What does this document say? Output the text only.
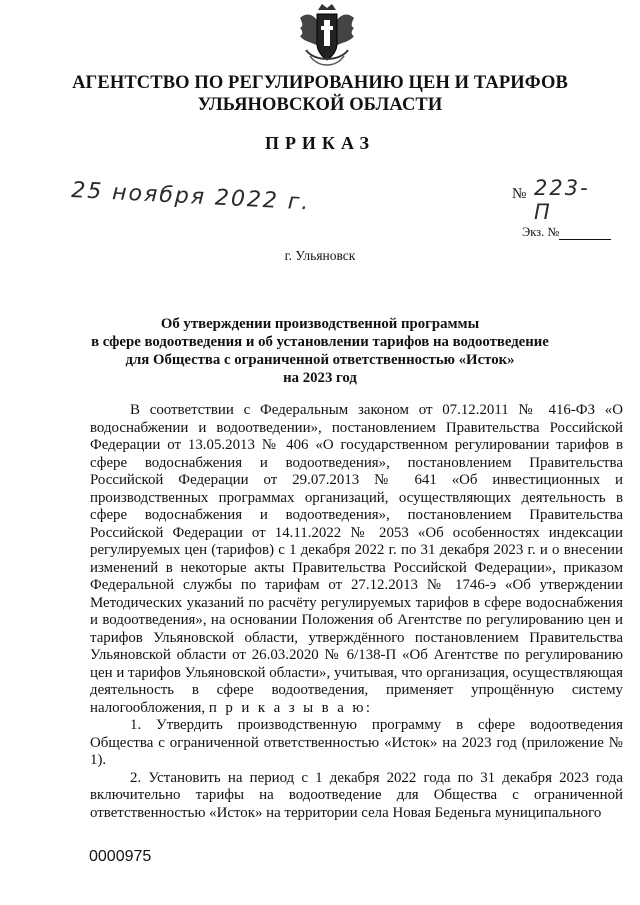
АГЕНТСТВО ПО РЕГУЛИРОВАНИЮ ЦЕН И ТАРИФОВ
УЛЬЯНОВСКОЙ ОБЛАСТИ
ПРИКАЗ
25 ноября 2022 г.	№ 223-П
Экз. №
г. Ульяновск
Об утверждении производственной программы
в сфере водоотведения и об установлении тарифов на водоотведение
для Общества с ограниченной ответственностью «Исток»
на 2023 год

В соответствии с Федеральным законом от 07.12.2011 № 416-ФЗ «О водоснабжении и водоотведении», постановлением Правительства Российской Федерации от 13.05.2013 № 406 «О государственном регулировании тарифов в сфере водоснабжения и водоотведения», постановлением Правительства Российской Федерации от 29.07.2013 № 641 «Об инвестиционных и производственных программах организаций, осуществляющих деятельность в сфере водоснабжения и водоотведения», постановлением Правительства Российской Федерации от 14.11.2022 № 2053 «Об особенностях индексации регулируемых цен (тарифов) с 1 декабря 2022 г. по 31 декабря 2023 г. и о внесении изменений в некоторые акты Правительства Российской Федерации», приказом Федеральной службы по тарифам от 27.12.2013 № 1746-э «Об утверждении Методических указаний по расчёту регулируемых тарифов в сфере водоснабжения и водоотведения», на основании Положения об Агентстве по регулированию цен и тарифов Ульяновской области, утверждённого постановлением Правительства Ульяновской области от 26.03.2020 № 6/138-П «Об Агентстве по регулированию цен и тарифов Ульяновской области», учитывая, что организация, осуществляющая деятельность в сфере водоотведения, применяет упрощённую систему налогообложения, п р и к а з ы в а ю:

1. Утвердить производственную программу в сфере водоотведения Общества с ограниченной ответственностью «Исток» на 2023 год (приложение № 1).

2. Установить на период с 1 декабря 2022 года по 31 декабря 2023 года включительно тарифы на водоотведение для Общества с ограниченной ответственностью «Исток» на территории села Новая Беденьга муниципального

0000975
